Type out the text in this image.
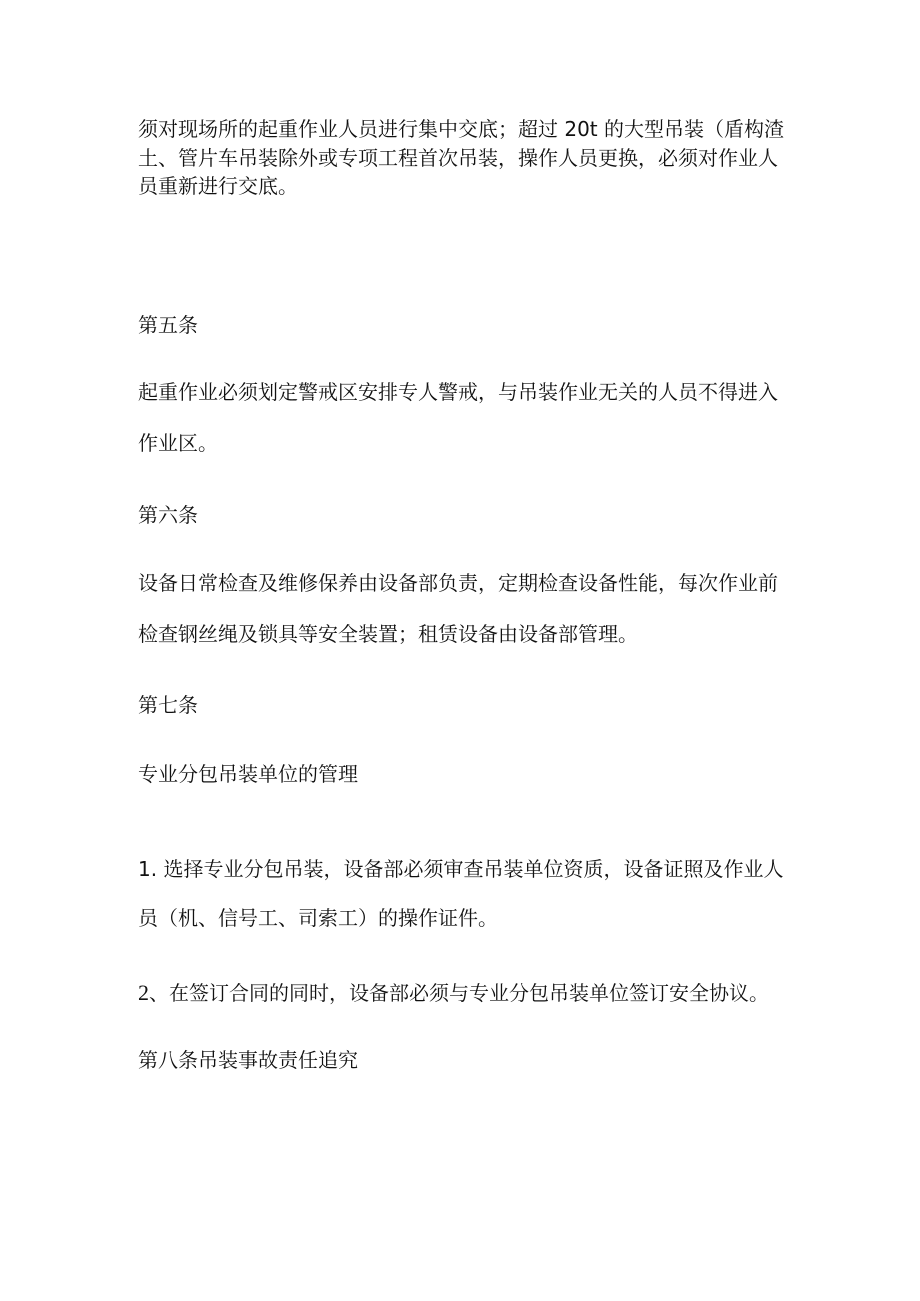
须对现场所的起重作业人员进行集中交底；超过 20t 的大型吊装（盾构渣
土、管片车吊装除外或专项工程首次吊装，操作人员更换，必须对作业人
员重新进行交底。
第五条
起重作业必须划定警戒区安排专人警戒，与吊装作业无关的人员不得进入
作业区。
第六条
设备日常检查及维修保养由设备部负责，定期检查设备性能，每次作业前
检查钢丝绳及锁具等安全装置；租赁设备由设备部管理。
第七条
专业分包吊装单位的管理
1. 选择专业分包吊装，设备部必须审查吊装单位资质，设备证照及作业人
员（机、信号工、司索工）的操作证件。
2、在签订合同的同时，设备部必须与专业分包吊装单位签订安全协议。
第八条吊装事故责任追究
